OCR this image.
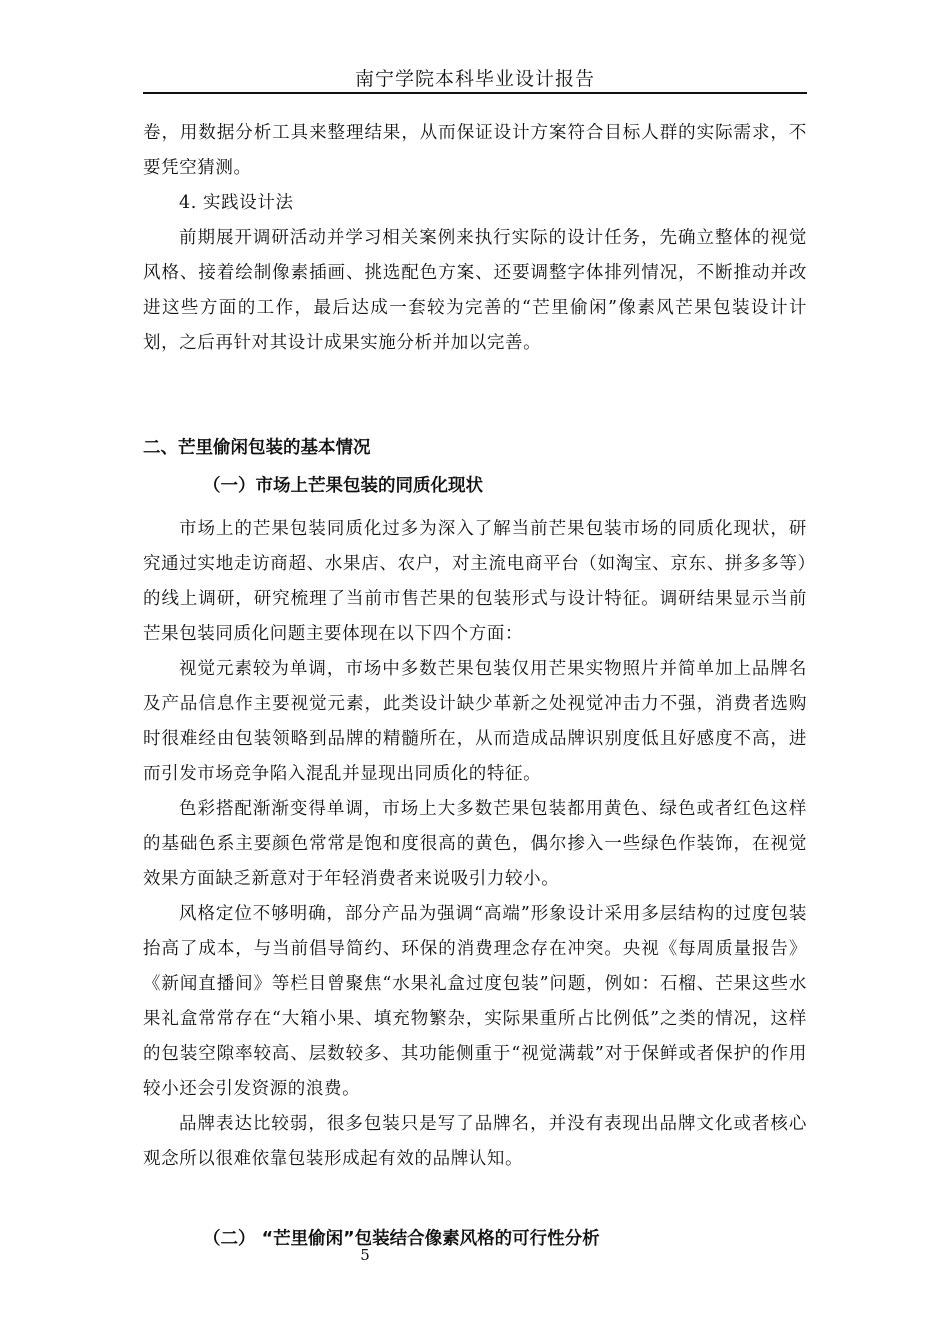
南宁学院本科毕业设计报告

卷，用数据分析工具来整理结果，从而保证设计方案符合目标人群的实际需求，不要凭空猜测。

4. 实践设计法

前期展开调研活动并学习相关案例来执行实际的设计任务，先确立整体的视觉风格、接着绘制像素插画、挑选配色方案、还要调整字体排列情况，不断推动并改进这些方面的工作，最后达成一套较为完善的“芒里偷闲”像素风芒果包装设计计划，之后再针对其设计成果实施分析并加以完善。

二、芒里偷闲包装的基本情况

（一）市场上芒果包装的同质化现状

市场上的芒果包装同质化过多为深入了解当前芒果包装市场的同质化现状，研究通过实地走访商超、水果店、农户，对主流电商平台（如淘宝、京东、拼多多等）的线上调研，研究梳理了当前市售芒果的包装形式与设计特征。调研结果显示当前芒果包装同质化问题主要体现在以下四个方面：

视觉元素较为单调，市场中多数芒果包装仅用芒果实物照片并简单加上品牌名及产品信息作主要视觉元素，此类设计缺少革新之处视觉冲击力不强，消费者选购时很难经由包装领略到品牌的精髓所在，从而造成品牌识别度低且好感度不高，进而引发市场竞争陷入混乱并显现出同质化的特征。

色彩搭配渐渐变得单调，市场上大多数芒果包装都用黄色、绿色或者红色这样的基础色系主要颜色常常是饱和度很高的黄色，偶尔掺入一些绿色作装饰，在视觉效果方面缺乏新意对于年轻消费者来说吸引力较小。

风格定位不够明确，部分产品为强调“高端”形象设计采用多层结构的过度包装抬高了成本，与当前倡导简约、环保的消费理念存在冲突。央视《每周质量报告》《新闻直播间》等栏目曾聚焦“水果礼盒过度包装”问题，例如：石榴、芒果这些水果礼盒常常存在“大箱小果、填充物繁杂，实际果重所占比例低”之类的情况，这样的包装空隙率较高、层数较多、其功能侧重于“视觉满载”对于保鲜或者保护的作用较小还会引发资源的浪费。

品牌表达比较弱，很多包装只是写了品牌名，并没有表现出品牌文化或者核心观念所以很难依靠包装形成起有效的品牌认知。

（二） “芒里偷闲”包装结合像素风格的可行性分析

5
